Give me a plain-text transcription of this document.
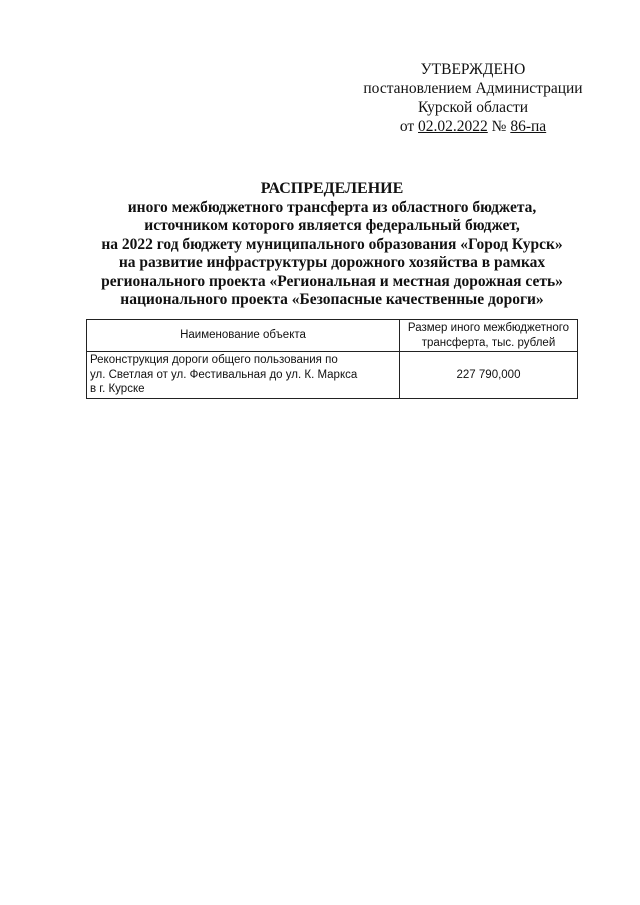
УТВЕРЖДЕНО
постановлением Администрации
Курской области
от 02.02.2022 № 86-па
РАСПРЕДЕЛЕНИЕ
иного межбюджетного трансферта из областного бюджета,
источником которого является федеральный бюджет,
на 2022 год бюджету муниципального образования «Город Курск»
на развитие инфраструктуры дорожного хозяйства в рамках
регионального проекта «Региональная и местная дорожная сеть»
национального проекта «Безопасные качественные дороги»
Наименование объекта	Размер иного межбюджетного трансферта, тыс. рублей

Реконструкция дороги общего пользования по
ул. Светлая от ул. Фестивальная до ул. К. Маркса
в г. Курске	227 790,000
